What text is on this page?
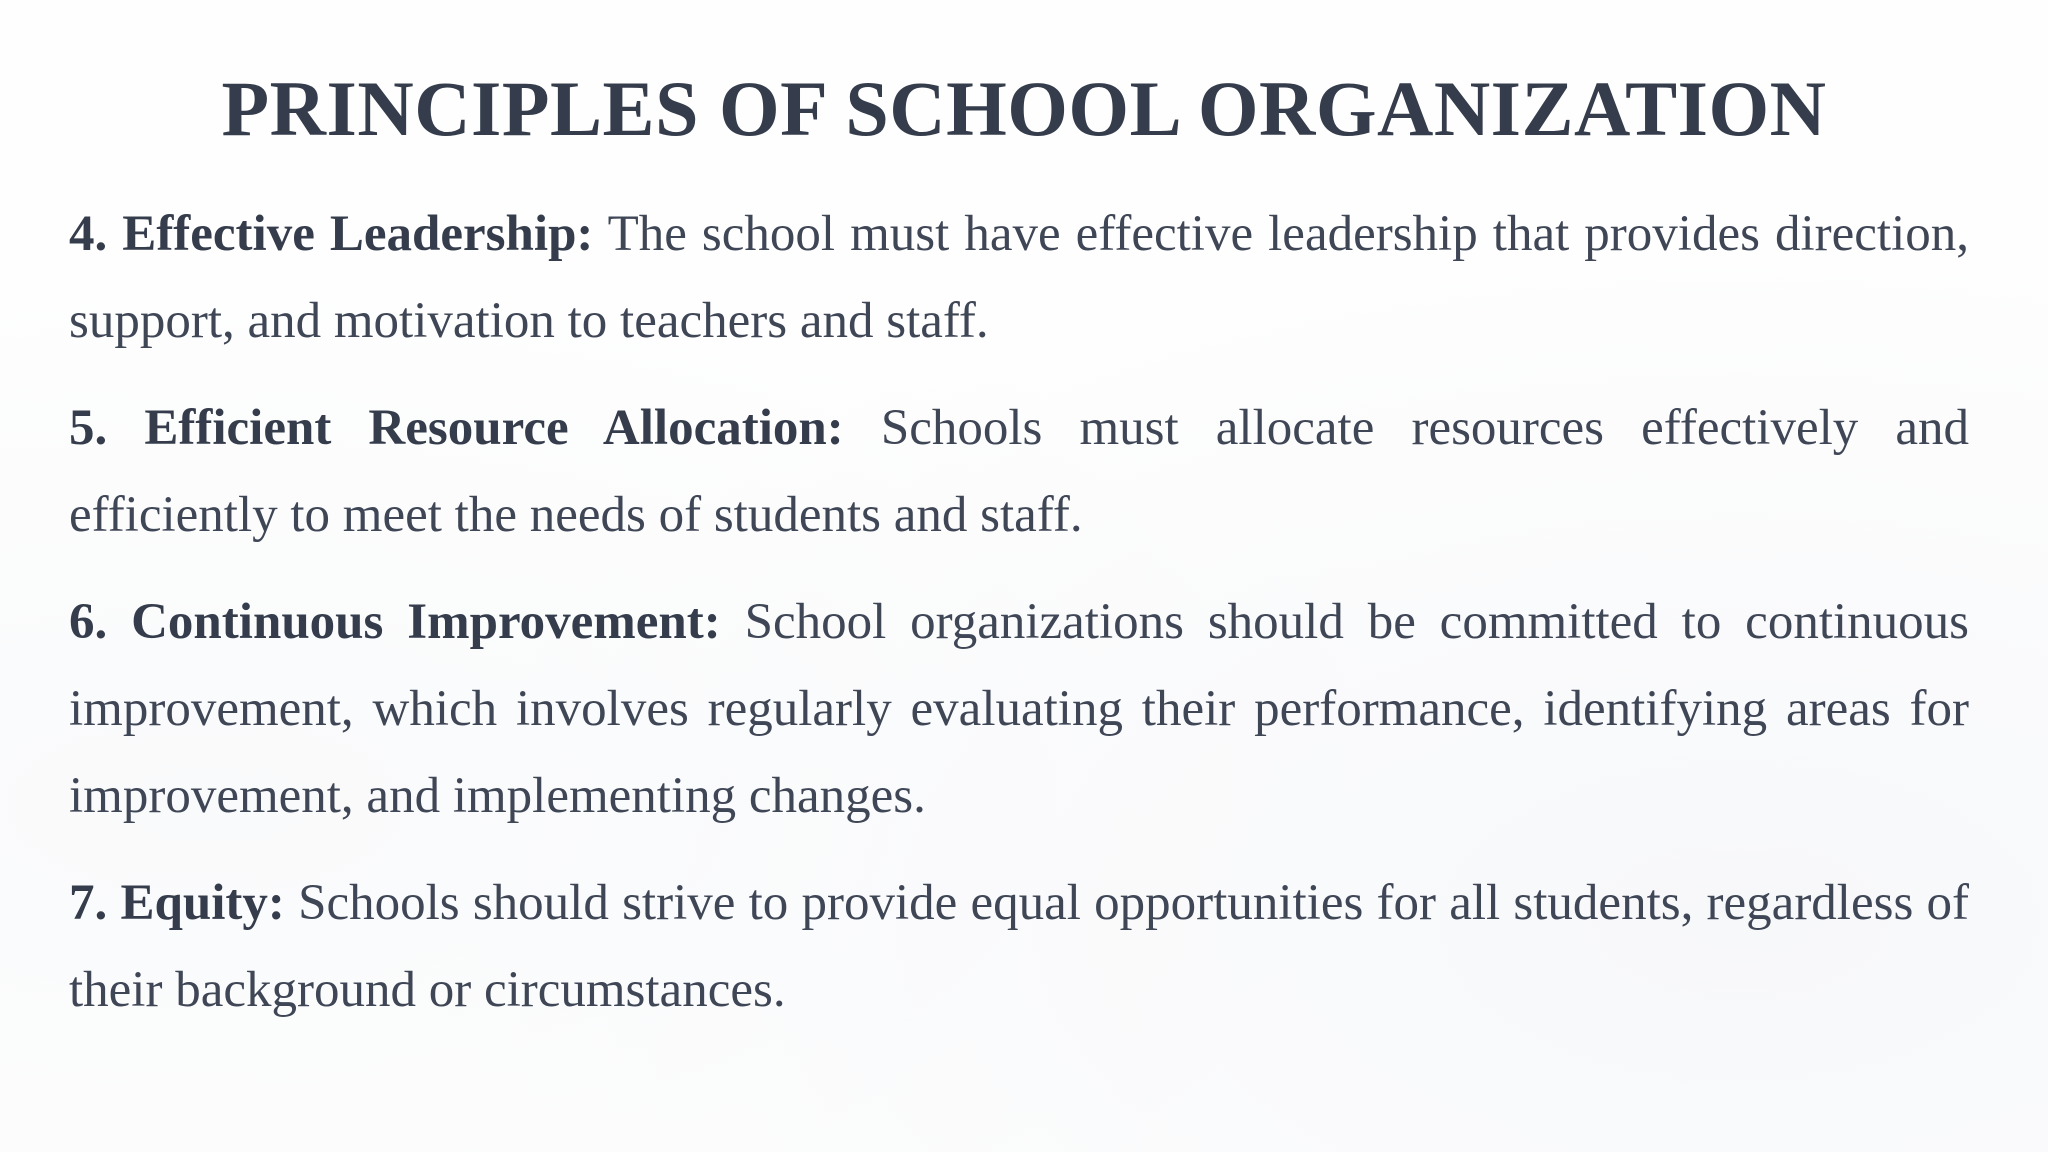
PRINCIPLES OF SCHOOL ORGANIZATION

4. Effective Leadership: The school must have effective leadership that provides direction, support, and motivation to teachers and staff.

5. Efficient Resource Allocation: Schools must allocate resources effectively and efficiently to meet the needs of students and staff.

6. Continuous Improvement: School organizations should be committed to continuous improvement, which involves regularly evaluating their performance, identifying areas for improvement, and implementing changes.

7. Equity: Schools should strive to provide equal opportunities for all students, regardless of their background or circumstances.
